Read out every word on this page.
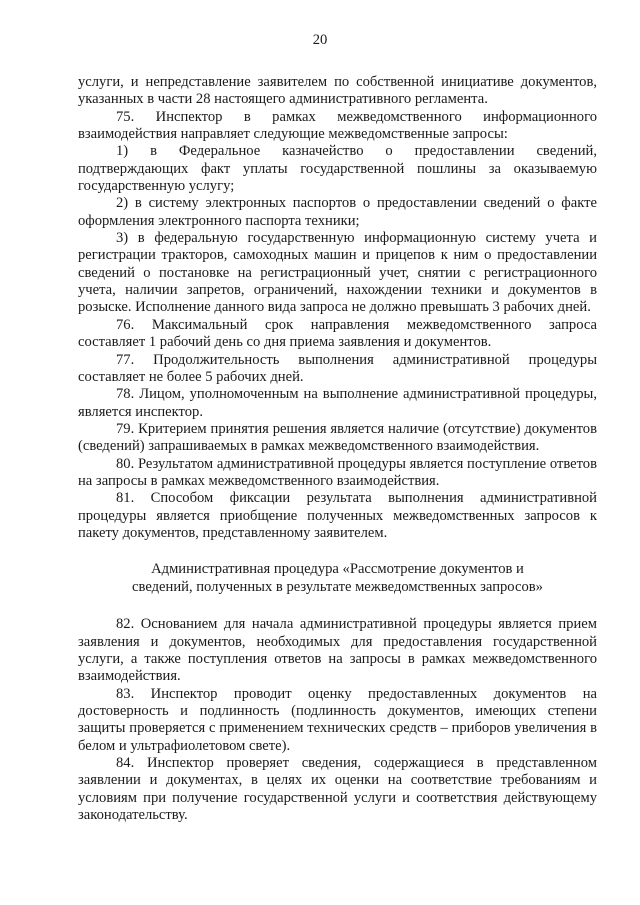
20

услуги, и непредставление заявителем по собственной инициативе документов, указанных в части 28 настоящего административного регламента.

75. Инспектор в рамках межведомственного информационного взаимодействия направляет следующие межведомственные запросы:

1) в Федеральное казначейство о предоставлении сведений, подтверждающих факт уплаты государственной пошлины за оказываемую государственную услугу;

2) в систему электронных паспортов о предоставлении сведений о факте оформления электронного паспорта техники;

3) в федеральную государственную информационную систему учета и регистрации тракторов, самоходных машин и прицепов к ним о предоставлении сведений о постановке на регистрационный учет, снятии с регистрационного учета, наличии запретов, ограничений, нахождении техники и документов в розыске. Исполнение данного вида запроса не должно превышать 3 рабочих дней.

76. Максимальный срок направления межведомственного запроса составляет 1 рабочий день со дня приема заявления и документов.

77. Продолжительность выполнения административной процедуры составляет не более 5 рабочих дней.

78. Лицом, уполномоченным на выполнение административной процедуры, является инспектор.

79. Критерием принятия решения является наличие (отсутствие) документов (сведений) запрашиваемых в рамках межведомственного взаимодействия.

80. Результатом административной процедуры является поступление ответов на запросы в рамках межведомственного взаимодействия.

81. Способом фиксации результата выполнения административной процедуры является приобщение полученных межведомственных запросов к пакету документов, представленному заявителем.

Административная процедура «Рассмотрение документов и
сведений, полученных в результате межведомственных запросов»

82. Основанием для начала административной процедуры является прием заявления и документов, необходимых для предоставления государственной услуги, а также поступления ответов на запросы в рамках межведомственного взаимодействия.

83. Инспектор проводит оценку предоставленных документов на достоверность и подлинность (подлинность документов, имеющих степени защиты проверяется с применением технических средств – приборов увеличения в белом и ультрафиолетовом свете).

84. Инспектор проверяет сведения, содержащиеся в представленном заявлении и документах, в целях их оценки на соответствие требованиям и условиям при получение государственной услуги и соответствия действующему законодательству.
